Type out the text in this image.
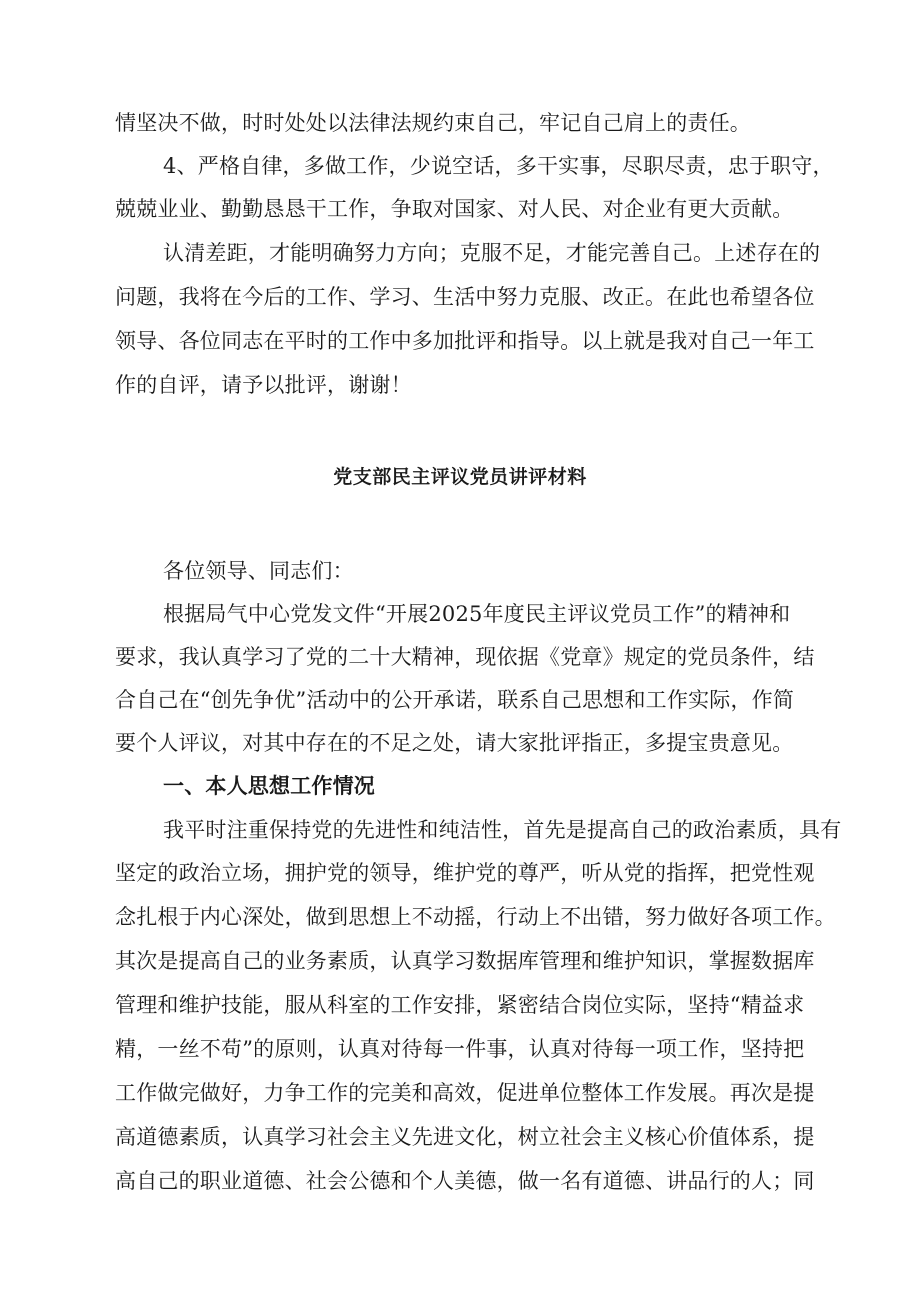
情坚决不做，时时处处以法律法规约束自己，牢记自己肩上的责任。
4、严格自律，多做工作，少说空话，多干实事，尽职尽责，忠于职守，
兢兢业业、勤勤恳恳干工作，争取对国家、对人民、对企业有更大贡献。
认清差距，才能明确努力方向；克服不足，才能完善自己。上述存在的
问题，我将在今后的工作、学习、生活中努力克服、改正。在此也希望各位
领导、各位同志在平时的工作中多加批评和指导。以上就是我对自己一年工
作的自评，请予以批评，谢谢！
党支部民主评议党员讲评材料
各位领导、同志们：
根据局气中心党发文件“开展2025年度民主评议党员工作”的精神和
要求，我认真学习了党的二十大精神，现依据《党章》规定的党员条件，结
合自己在“创先争优”活动中的公开承诺，联系自己思想和工作实际，作简
要个人评议，对其中存在的不足之处，请大家批评指正，多提宝贵意见。
一、本人思想工作情况
我平时注重保持党的先进性和纯洁性，首先是提高自己的政治素质，具有
坚定的政治立场，拥护党的领导，维护党的尊严，听从党的指挥，把党性观
念扎根于内心深处，做到思想上不动摇，行动上不出错，努力做好各项工作。
其次是提高自己的业务素质，认真学习数据库管理和维护知识，掌握数据库
管理和维护技能，服从科室的工作安排，紧密结合岗位实际，坚持“精益求
精，一丝不苟”的原则，认真对待每一件事，认真对待每一项工作，坚持把
工作做完做好，力争工作的完美和高效，促进单位整体工作发展。再次是提
高道德素质，认真学习社会主义先进文化，树立社会主义核心价值体系，提
高自己的职业道德、社会公德和个人美德，做一名有道德、讲品行的人；同
